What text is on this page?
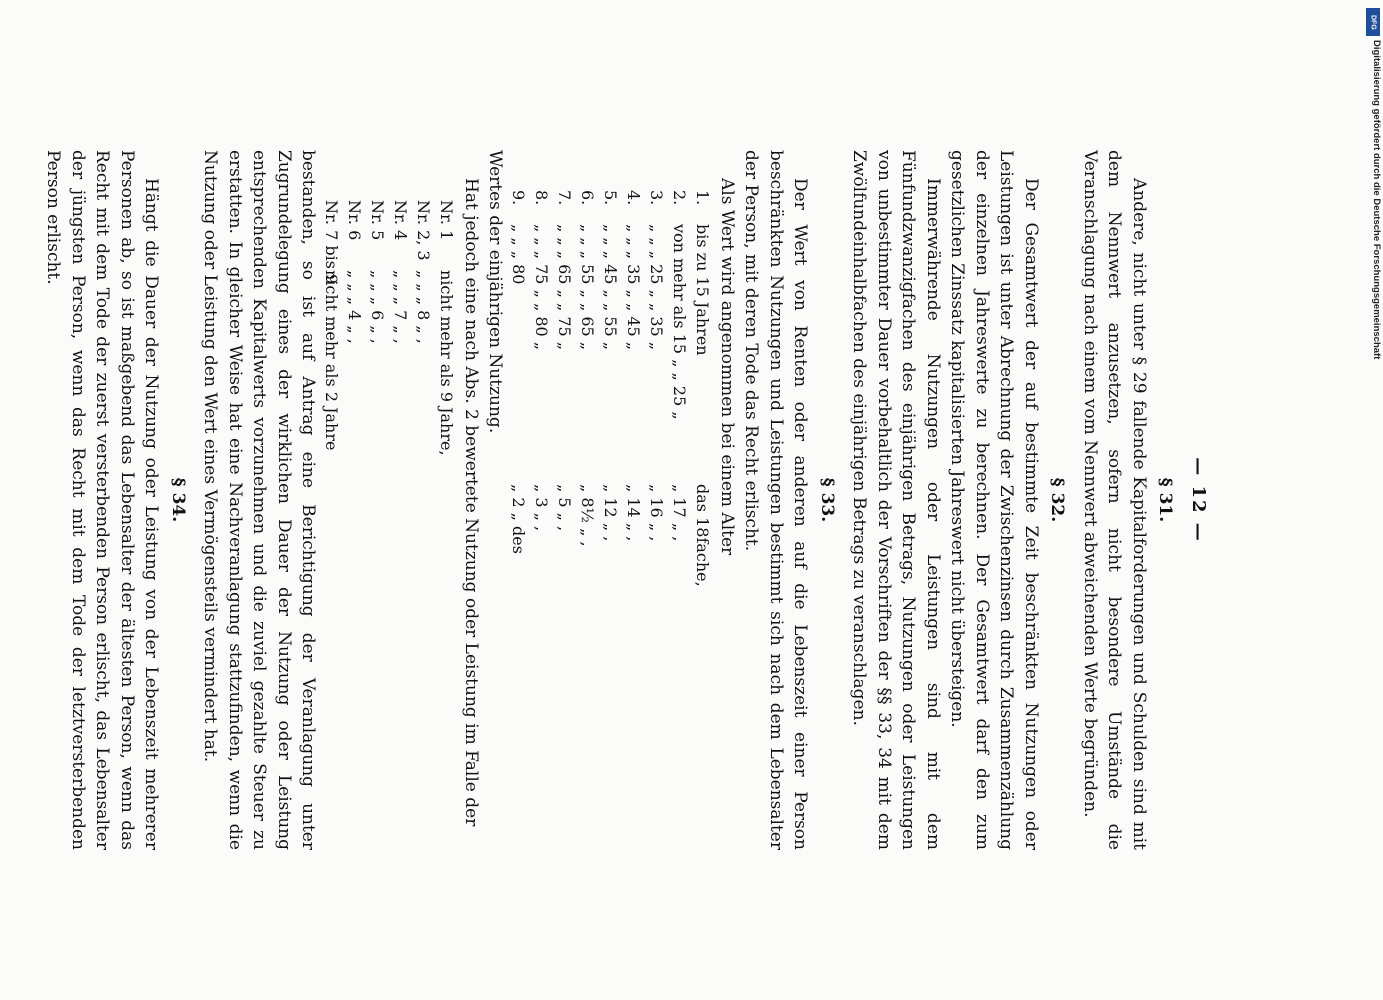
— 12 —
§ 31.

Andere, nicht unter § 29 fallende Kapitalforderungen und Schulden sind mit dem Nennwert anzusetzen, sofern nicht besondere Umstände die Veranschlagung nach einem vom Nennwert abweichenden Werte begründen.

§ 32.

Der Gesamtwert der auf bestimmte Zeit beschränkten Nutzungen oder Leistungen ist unter Abrechnung der Zwischenzinsen durch Zusammenzählung der einzelnen Jahreswerte zu berechnen. Der Gesamtwert darf den zum gesetzlichen Zinssatz kapitalisierten Jahreswert nicht übersteigen.

Immerwährende Nutzungen oder Leistungen sind mit dem Fünfundzwanzigfachen des einjährigen Betrags, Nutzungen oder Leistungen von unbestimmter Dauer vorbehaltlich der Vorschriften der §§ 33, 34 mit dem Zwölfundeinhalbfachen des einjährigen Betrags zu veranschlagen.

§ 33.

Der Wert von Renten oder anderen auf die Lebenszeit einer Person beschränkten Nutzungen und Leistungen bestimmt sich nach dem Lebensalter der Person, mit deren Tode das Recht erlischt.

Als Wert wird angenommen bei einem Alter

1.
bis zu 15 Jahren
das 18fache,
2.
von mehr als 15 „ „ 25 „
„ 17 „ ,
3.
„ „ „ 25 „ „ 35 „
„ 16 „ ,
4.
„ „ „ 35 „ „ 45 „
„ 14 „ ,
5.
„ „ „ 45 „ „ 55 „
„ 12 „ ,
6.
„ „ „ 55 „ „ 65 „
„ 8½ „ ,
7.
„ „ „ 65 „ „ 75 „
„ 5 „ ,
8.
„ „ „ 75 „ „ 80 „
„ 3 „ ,
9.
„ „ „ 80
„ 2 „ des

Wertes der einjährigen Nutzung.

Hat jedoch eine nach Abs. 2 bewertete Nutzung oder Leistung im Falle der

Nr. 1
nicht mehr als 9 Jahre,
Nr. 2, 3
„ „ „ 8 „ ,
Nr. 4
„ „ „ 7 „ ,
Nr. 5
„ „ „ 6 „ ,
Nr. 6
„ „ „ 4 „ ,
Nr. 7 bis 9
nicht mehr als 2 Jahre

bestanden, so ist auf Antrag eine Berichtigung der Veranlagung unter Zugrundelegung eines der wirklichen Dauer der Nutzung oder Leistung entsprechenden Kapitalwerts vorzunehmen und die zuviel gezahlte Steuer zu erstatten. In gleicher Weise hat eine Nachveranlagung stattzufinden, wenn die Nutzung oder Leistung den Wert eines Vermögensteils vermindert hat.

§ 34.

Hängt die Dauer der Nutzung oder Leistung von der Lebenszeit mehrerer Personen ab, so ist maßgebend das Lebensalter der ältesten Person, wenn das Recht mit dem Tode der zuerst versterbenden Person erlischt, das Lebensalter der jüngsten Person, wenn das Recht mit dem Tode der letztversterbenden Person erlischt.

DFG
Digitalisierung gefördert durch die Deutsche Forschungsgemeinschaft
